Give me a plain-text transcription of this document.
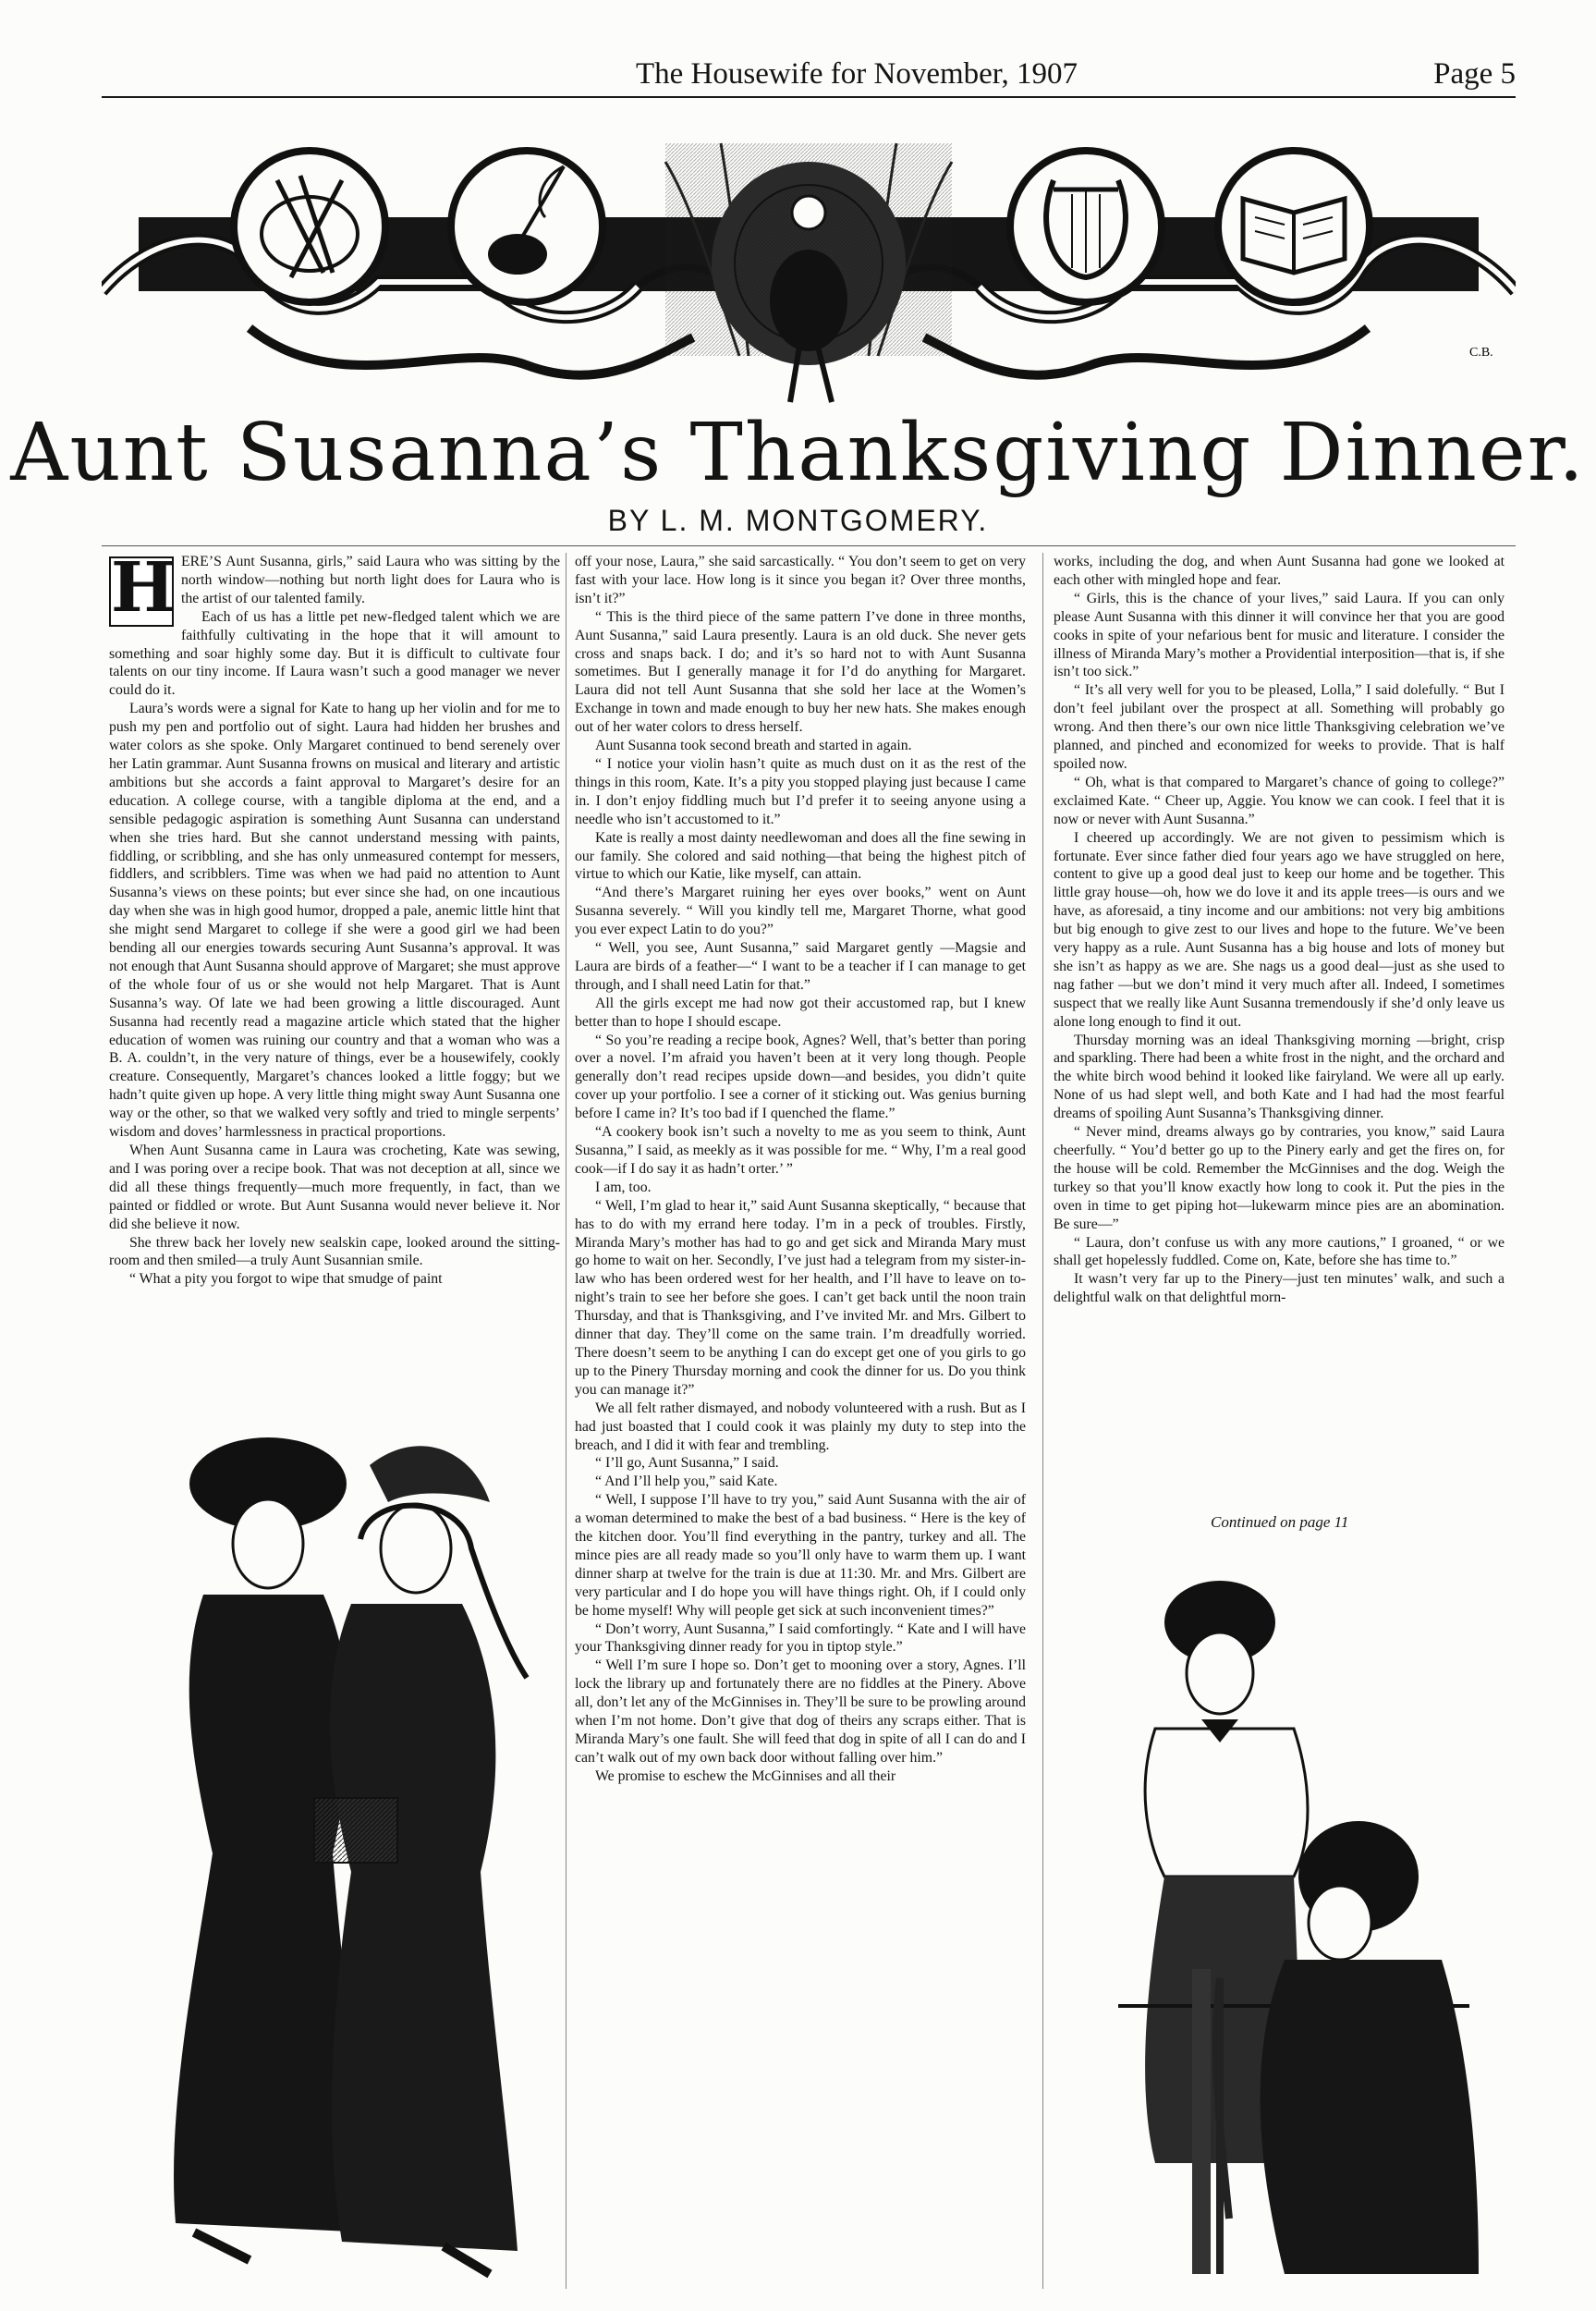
The Housewife for November, 1907	Page 5
C.B.
Aunt Susanna’s Thanksgiving Dinner.
BY L. M. MONTGOMERY.
H ERE’S Aunt Susanna, girls,” said Laura who was sitting by the north window—nothing but north light does for Laura who is the artist of our talented family.

Each of us has a little pet new-fledged talent which we are faithfully cultivating in the hope that it will amount to something and soar highly some day. But it is difficult to cultivate four talents on our tiny income. If Laura wasn’t such a good manager we never could do it.

Laura’s words were a signal for Kate to hang up her violin and for me to push my pen and portfolio out of sight. Laura had hidden her brushes and water colors as she spoke. Only Margaret continued to bend serenely over her Latin grammar. Aunt Susanna frowns on musical and literary and artistic ambitions but she accords a faint approval to Margaret’s desire for an education. A college course, with a tangible diploma at the end, and a sensible pedagogic aspiration is something Aunt Susanna can understand when she tries hard. But she cannot understand messing with paints, fiddling, or scribbling, and she has only unmeasured contempt for messers, fiddlers, and scribblers. Time was when we had paid no attention to Aunt Susanna’s views on these points; but ever since she had, on one incautious day when she was in high good humor, dropped a pale, anemic little hint that she might send Margaret to college if she were a good girl we had been bending all our energies towards securing Aunt Susanna’s approval. It was not enough that Aunt Susanna should approve of Margaret; she must approve of the whole four of us or she would not help Margaret. That is Aunt Susanna’s way. Of late we had been growing a little discouraged. Aunt Susanna had recently read a magazine article which stated that the higher education of women was ruining our country and that a woman who was a B. A. couldn’t, in the very nature of things, ever be a housewifely, cookly creature. Consequently, Margaret’s chances looked a little foggy; but we hadn’t quite given up hope. A very little thing might sway Aunt Susanna one way or the other, so that we walked very softly and tried to mingle serpents’ wisdom and doves’ harmlessness in practical proportions.

When Aunt Susanna came in Laura was crocheting, Kate was sewing, and I was poring over a recipe book. That was not deception at all, since we did all these things frequently—much more frequently, in fact, than we painted or fiddled or wrote. But Aunt Susanna would never believe it. Nor did she believe it now.

She threw back her lovely new sealskin cape, looked around the sitting-room and then smiled—a truly Aunt Susannian smile.

“ What a pity you forgot to wipe that smudge of paint

off your nose, Laura,” she said sarcastically. “ You don’t seem to get on very fast with your lace. How long is it since you began it? Over three months, isn’t it?”

“ This is the third piece of the same pattern I’ve done in three months, Aunt Susanna,” said Laura presently. Laura is an old duck. She never gets cross and snaps back. I do; and it’s so hard not to with Aunt Susanna sometimes. But I generally manage it for I’d do anything for Margaret. Laura did not tell Aunt Susanna that she sold her lace at the Women’s Exchange in town and made enough to buy her new hats. She makes enough out of her water colors to dress herself.

Aunt Susanna took second breath and started in again.

“ I notice your violin hasn’t quite as much dust on it as the rest of the things in this room, Kate. It’s a pity you stopped playing just because I came in. I don’t enjoy fiddling much but I’d prefer it to seeing anyone using a needle who isn’t accustomed to it.”

Kate is really a most dainty needlewoman and does all the fine sewing in our family. She colored and said nothing—that being the highest pitch of virtue to which our Katie, like myself, can attain.

“And there’s Margaret ruining her eyes over books,” went on Aunt Susanna severely. “ Will you kindly tell me, Margaret Thorne, what good you ever expect Latin to do you?”

“ Well, you see, Aunt Susanna,” said Margaret gently —Magsie and Laura are birds of a feather—“ I want to be a teacher if I can manage to get through, and I shall need Latin for that.”

All the girls except me had now got their accustomed rap, but I knew better than to hope I should escape.

“ So you’re reading a recipe book, Agnes? Well, that’s better than poring over a novel. I’m afraid you haven’t been at it very long though. People generally don’t read recipes upside down—and besides, you didn’t quite cover up your portfolio. I see a corner of it sticking out. Was genius burning before I came in? It’s too bad if I quenched the flame.”

“A cookery book isn’t such a novelty to me as you seem to think, Aunt Susanna,” I said, as meekly as it was possible for me. “ Why, I’m a real good cook—if I do say it as hadn’t orter.’ ”

I am, too.

“ Well, I’m glad to hear it,” said Aunt Susanna skeptically, “ because that has to do with my errand here today. I’m in a peck of troubles. Firstly, Miranda Mary’s mother has had to go and get sick and Miranda Mary must go home to wait on her. Secondly, I’ve just had a telegram from my sister-in-law who has been ordered west for her health, and I’ll have to leave on to-night’s train to see her before she goes. I can’t get back until the noon train Thursday, and that is Thanksgiving, and I’ve invited Mr. and Mrs. Gilbert to dinner that day. They’ll come on the same train. I’m dreadfully worried. There doesn’t seem to be anything I can do except get one of you girls to go up to the Pinery Thursday morning and cook the dinner for us. Do you think you can manage it?”

We all felt rather dismayed, and nobody volunteered with a rush. But as I had just boasted that I could cook it was plainly my duty to step into the breach, and I did it with fear and trembling.

“ I’ll go, Aunt Susanna,” I said.

“ And I’ll help you,” said Kate.

“ Well, I suppose I’ll have to try you,” said Aunt Susanna with the air of a woman determined to make the best of a bad business. “ Here is the key of the kitchen door. You’ll find everything in the pantry, turkey and all. The mince pies are all ready made so you’ll only have to warm them up. I want dinner sharp at twelve for the train is due at 11:30. Mr. and Mrs. Gilbert are very particular and I do hope you will have things right. Oh, if I could only be home myself! Why will people get sick at such inconvenient times?”

“ Don’t worry, Aunt Susanna,” I said comfortingly. “ Kate and I will have your Thanksgiving dinner ready for you in tiptop style.”

“ Well I’m sure I hope so. Don’t get to mooning over a story, Agnes. I’ll lock the library up and fortunately there are no fiddles at the Pinery. Above all, don’t let any of the McGinnises in. They’ll be sure to be prowling around when I’m not home. Don’t give that dog of theirs any scraps either. That is Miranda Mary’s one fault. She will feed that dog in spite of all I can do and I can’t walk out of my own back door without falling over him.”

We promise to eschew the McGinnises and all their

works, including the dog, and when Aunt Susanna had gone we looked at each other with mingled hope and fear.

“ Girls, this is the chance of your lives,” said Laura. If you can only please Aunt Susanna with this dinner it will convince her that you are good cooks in spite of your nefarious bent for music and literature. I consider the illness of Miranda Mary’s mother a Providential interposition—that is, if she isn’t too sick.”

“ It’s all very well for you to be pleased, Lolla,” I said dolefully. “ But I don’t feel jubilant over the prospect at all. Something will probably go wrong. And then there’s our own nice little Thanksgiving celebration we’ve planned, and pinched and economized for weeks to provide. That is half spoiled now.

“ Oh, what is that compared to Margaret’s chance of going to college?” exclaimed Kate. “ Cheer up, Aggie. You know we can cook. I feel that it is now or never with Aunt Susanna.”

I cheered up accordingly. We are not given to pessimism which is fortunate. Ever since father died four years ago we have struggled on here, content to give up a good deal just to keep our home and be together. This little gray house—oh, how we do love it and its apple trees—is ours and we have, as aforesaid, a tiny income and our ambitions: not very big ambitions but big enough to give zest to our lives and hope to the future. We’ve been very happy as a rule. Aunt Susanna has a big house and lots of money but she isn’t as happy as we are. She nags us a good deal—just as she used to nag father —but we don’t mind it very much after all. Indeed, I sometimes suspect that we really like Aunt Susanna tremendously if she’d only leave us alone long enough to find it out.

Thursday morning was an ideal Thanksgiving morning —bright, crisp and sparkling. There had been a white frost in the night, and the orchard and the white birch wood behind it looked like fairyland. We were all up early. None of us had slept well, and both Kate and I had had the most fearful dreams of spoiling Aunt Susanna’s Thanksgiving dinner.

“ Never mind, dreams always go by contraries, you know,” said Laura cheerfully. “ You’d better go up to the Pinery early and get the fires on, for the house will be cold. Remember the McGinnises and the dog. Weigh the turkey so that you’ll know exactly how long to cook it. Put the pies in the oven in time to get piping hot—lukewarm mince pies are an abomination. Be sure—”

“ Laura, don’t confuse us with any more cautions,” I groaned, “ or we shall get hopelessly fuddled. Come on, Kate, before she has time to.”

It wasn’t very far up to the Pinery—just ten minutes’ walk, and such a delightful walk on that delightful morn-

Continued on page 11
